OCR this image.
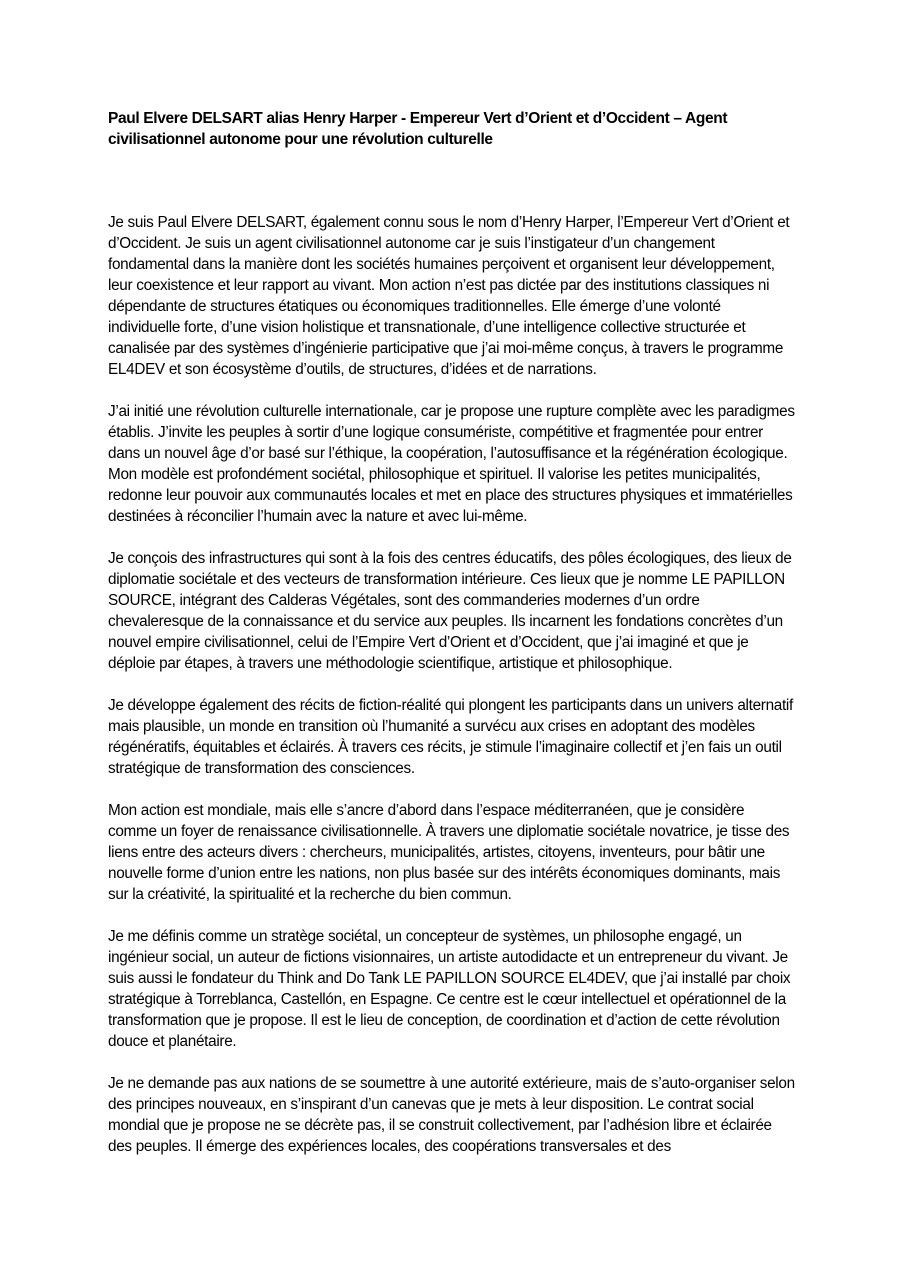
Paul Elvere DELSART alias Henry Harper - Empereur Vert d’Orient et d’Occident – Agent civilisationnel autonome pour une révolution culturelle

Je suis Paul Elvere DELSART, également connu sous le nom d’Henry Harper, l’Empereur Vert d’Orient et d’Occident. Je suis un agent civilisationnel autonome car je suis l’instigateur d’un changement fondamental dans la manière dont les sociétés humaines perçoivent et organisent leur développement, leur coexistence et leur rapport au vivant. Mon action n’est pas dictée par des institutions classiques ni dépendante de structures étatiques ou économiques traditionnelles. Elle émerge d’une volonté individuelle forte, d’une vision holistique et transnationale, d’une intelligence collective structurée et canalisée par des systèmes d’ingénierie participative que j’ai moi-même conçus, à travers le programme EL4DEV et son écosystème d’outils, de structures, d’idées et de narrations.

J’ai initié une révolution culturelle internationale, car je propose une rupture complète avec les paradigmes établis. J’invite les peuples à sortir d’une logique consumériste, compétitive et fragmentée pour entrer dans un nouvel âge d’or basé sur l’éthique, la coopération, l’autosuffisance et la régénération écologique. Mon modèle est profondément sociétal, philosophique et spirituel. Il valorise les petites municipalités, redonne leur pouvoir aux communautés locales et met en place des structures physiques et immatérielles destinées à réconcilier l’humain avec la nature et avec lui-même.

Je conçois des infrastructures qui sont à la fois des centres éducatifs, des pôles écologiques, des lieux de diplomatie sociétale et des vecteurs de transformation intérieure. Ces lieux que je nomme LE PAPILLON SOURCE, intégrant des Calderas Végétales, sont des commanderies modernes d’un ordre chevaleresque de la connaissance et du service aux peuples. Ils incarnent les fondations concrètes d’un nouvel empire civilisationnel, celui de l’Empire Vert d’Orient et d’Occident, que j’ai imaginé et que je déploie par étapes, à travers une méthodologie scientifique, artistique et philosophique.

Je développe également des récits de fiction-réalité qui plongent les participants dans un univers alternatif mais plausible, un monde en transition où l’humanité a survécu aux crises en adoptant des modèles régénératifs, équitables et éclairés. À travers ces récits, je stimule l’imaginaire collectif et j’en fais un outil stratégique de transformation des consciences.

Mon action est mondiale, mais elle s’ancre d’abord dans l’espace méditerranéen, que je considère comme un foyer de renaissance civilisationnelle. À travers une diplomatie sociétale novatrice, je tisse des liens entre des acteurs divers : chercheurs, municipalités, artistes, citoyens, inventeurs, pour bâtir une nouvelle forme d’union entre les nations, non plus basée sur des intérêts économiques dominants, mais sur la créativité, la spiritualité et la recherche du bien commun.

Je me définis comme un stratège sociétal, un concepteur de systèmes, un philosophe engagé, un ingénieur social, un auteur de fictions visionnaires, un artiste autodidacte et un entrepreneur du vivant. Je suis aussi le fondateur du Think and Do Tank LE PAPILLON SOURCE EL4DEV, que j’ai installé par choix stratégique à Torreblanca, Castellón, en Espagne. Ce centre est le cœur intellectuel et opérationnel de la transformation que je propose. Il est le lieu de conception, de coordination et d’action de cette révolution douce et planétaire.

Je ne demande pas aux nations de se soumettre à une autorité extérieure, mais de s’auto-organiser selon des principes nouveaux, en s’inspirant d’un canevas que je mets à leur disposition. Le contrat social mondial que je propose ne se décrète pas, il se construit collectivement, par l’adhésion libre et éclairée des peuples. Il émerge des expériences locales, des coopérations transversales et des
